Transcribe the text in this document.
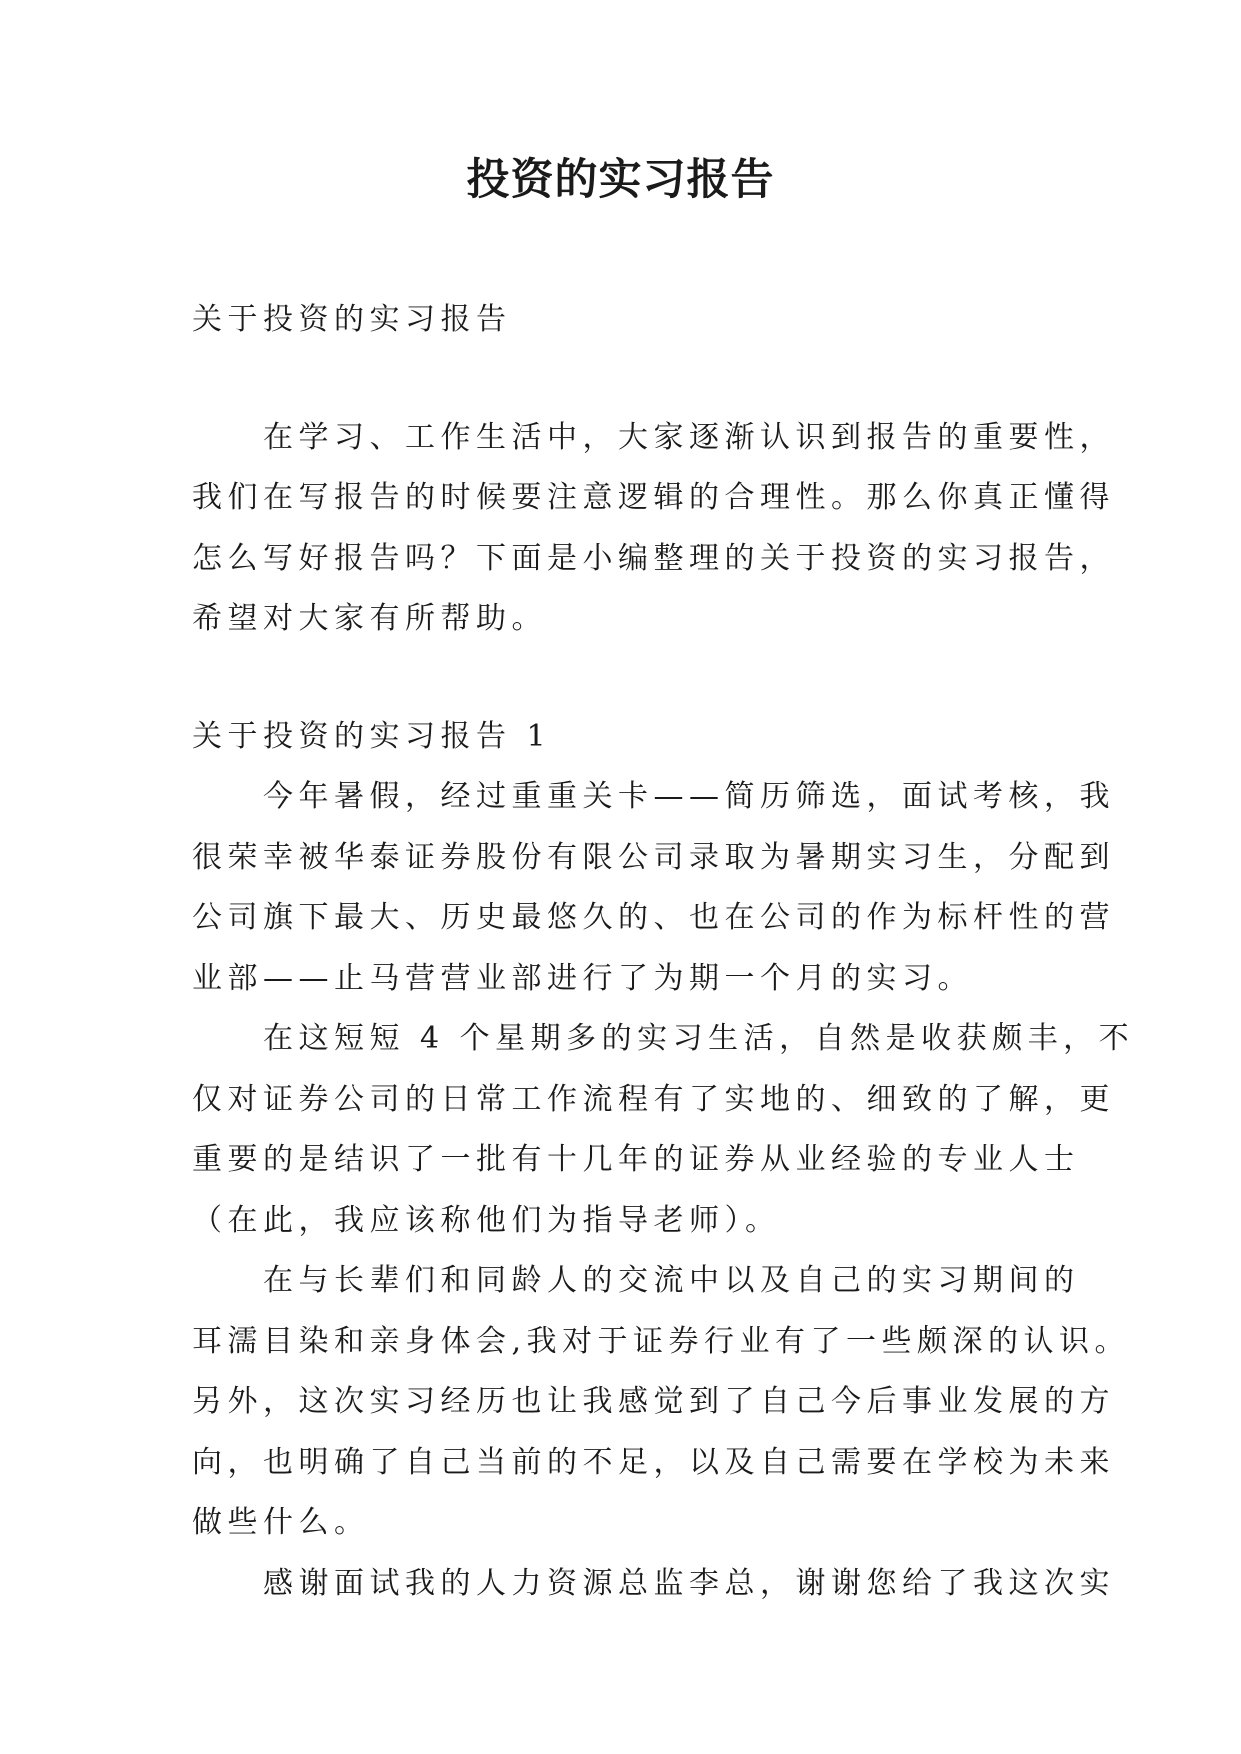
投资的实习报告

关于投资的实习报告

　　在学习、工作生活中，大家逐渐认识到报告的重要性，
我们在写报告的时候要注意逻辑的合理性。那么你真正懂得
怎么写好报告吗？下面是小编整理的关于投资的实习报告，
希望对大家有所帮助。

关于投资的实习报告 1

　　今年暑假，经过重重关卡——简历筛选，面试考核，我
很荣幸被华泰证券股份有限公司录取为暑期实习生，分配到
公司旗下最大、历史最悠久的、也在公司的作为标杆性的营
业部——止马营营业部进行了为期一个月的实习。

　　在这短短 4 个星期多的实习生活，自然是收获颇丰，不
仅对证券公司的日常工作流程有了实地的、细致的了解，更
重要的是结识了一批有十几年的证券从业经验的专业人士
（在此，我应该称他们为指导老师）。

　　在与长辈们和同龄人的交流中以及自己的实习期间的
耳濡目染和亲身体会,我对于证券行业有了一些颇深的认识。
另外，这次实习经历也让我感觉到了自己今后事业发展的方
向，也明确了自己当前的不足，以及自己需要在学校为未来
做些什么。

　　感谢面试我的人力资源总监李总，谢谢您给了我这次实
